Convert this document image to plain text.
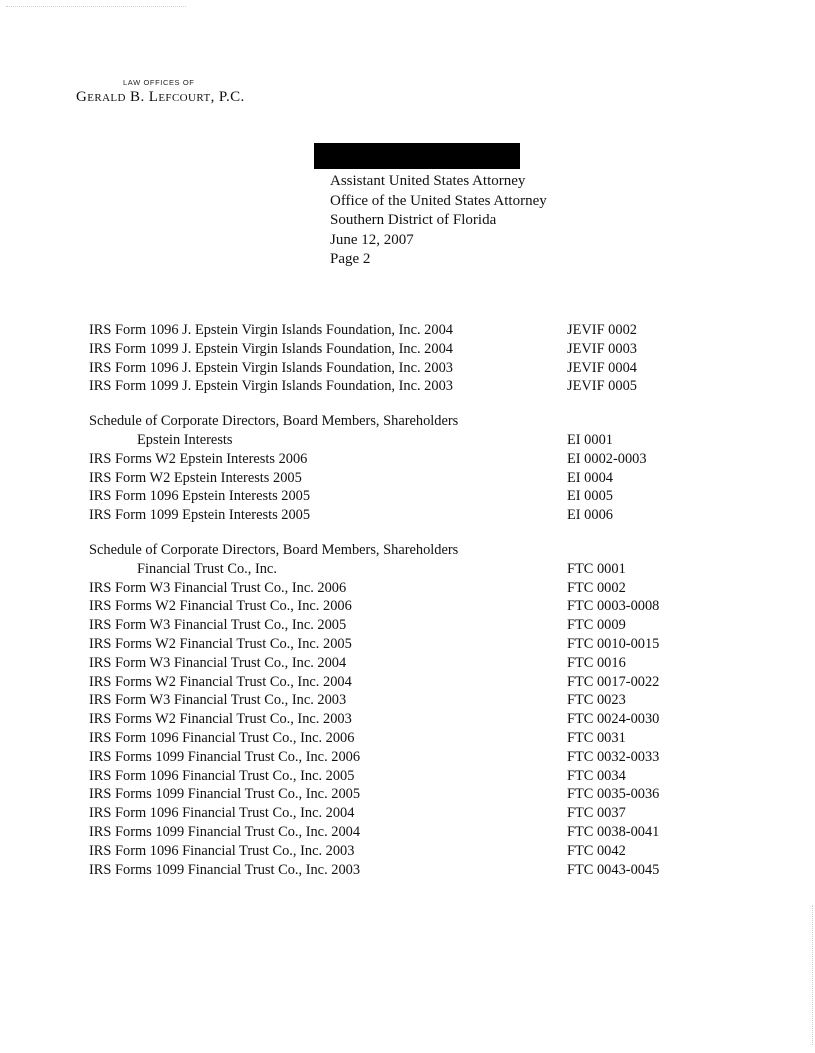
LAW OFFICES OF
Gerald B. Lefcourt, P.C.
Assistant United States Attorney
Office of the United States Attorney
Southern District of Florida
June 12, 2007
Page 2
IRS Form 1096 J. Epstein Virgin Islands Foundation, Inc. 2004	JEVIF 0002
IRS Form 1099 J. Epstein Virgin Islands Foundation, Inc. 2004	JEVIF 0003
IRS Form 1096 J. Epstein Virgin Islands Foundation, Inc. 2003	JEVIF 0004
IRS Form 1099 J. Epstein Virgin Islands Foundation, Inc. 2003	JEVIF 0005
Schedule of Corporate Directors, Board Members, Shareholders
Epstein Interests	EI 0001
IRS Forms W2 Epstein Interests 2006	EI 0002-0003
IRS Form W2 Epstein Interests 2005	EI 0004
IRS Form 1096 Epstein Interests 2005	EI 0005
IRS Form 1099 Epstein Interests 2005	EI 0006
Schedule of Corporate Directors, Board Members, Shareholders
Financial Trust Co., Inc.	FTC 0001
IRS Form W3 Financial Trust Co., Inc. 2006	FTC 0002
IRS Forms W2 Financial Trust Co., Inc. 2006	FTC 0003-0008
IRS Form W3 Financial Trust Co., Inc. 2005	FTC 0009
IRS Forms W2 Financial Trust Co., Inc. 2005	FTC 0010-0015
IRS Form W3 Financial Trust Co., Inc. 2004	FTC 0016
IRS Forms W2 Financial Trust Co., Inc. 2004	FTC 0017-0022
IRS Form W3 Financial Trust Co., Inc. 2003	FTC 0023
IRS Forms W2 Financial Trust Co., Inc. 2003	FTC 0024-0030
IRS Form 1096 Financial Trust Co., Inc. 2006	FTC 0031
IRS Forms 1099 Financial Trust Co., Inc. 2006	FTC 0032-0033
IRS Form 1096 Financial Trust Co., Inc. 2005	FTC 0034
IRS Forms 1099 Financial Trust Co., Inc. 2005	FTC 0035-0036
IRS Form 1096 Financial Trust Co., Inc. 2004	FTC 0037
IRS Forms 1099 Financial Trust Co., Inc. 2004	FTC 0038-0041
IRS Form 1096 Financial Trust Co., Inc. 2003	FTC 0042
IRS Forms 1099 Financial Trust Co., Inc. 2003	FTC 0043-0045
